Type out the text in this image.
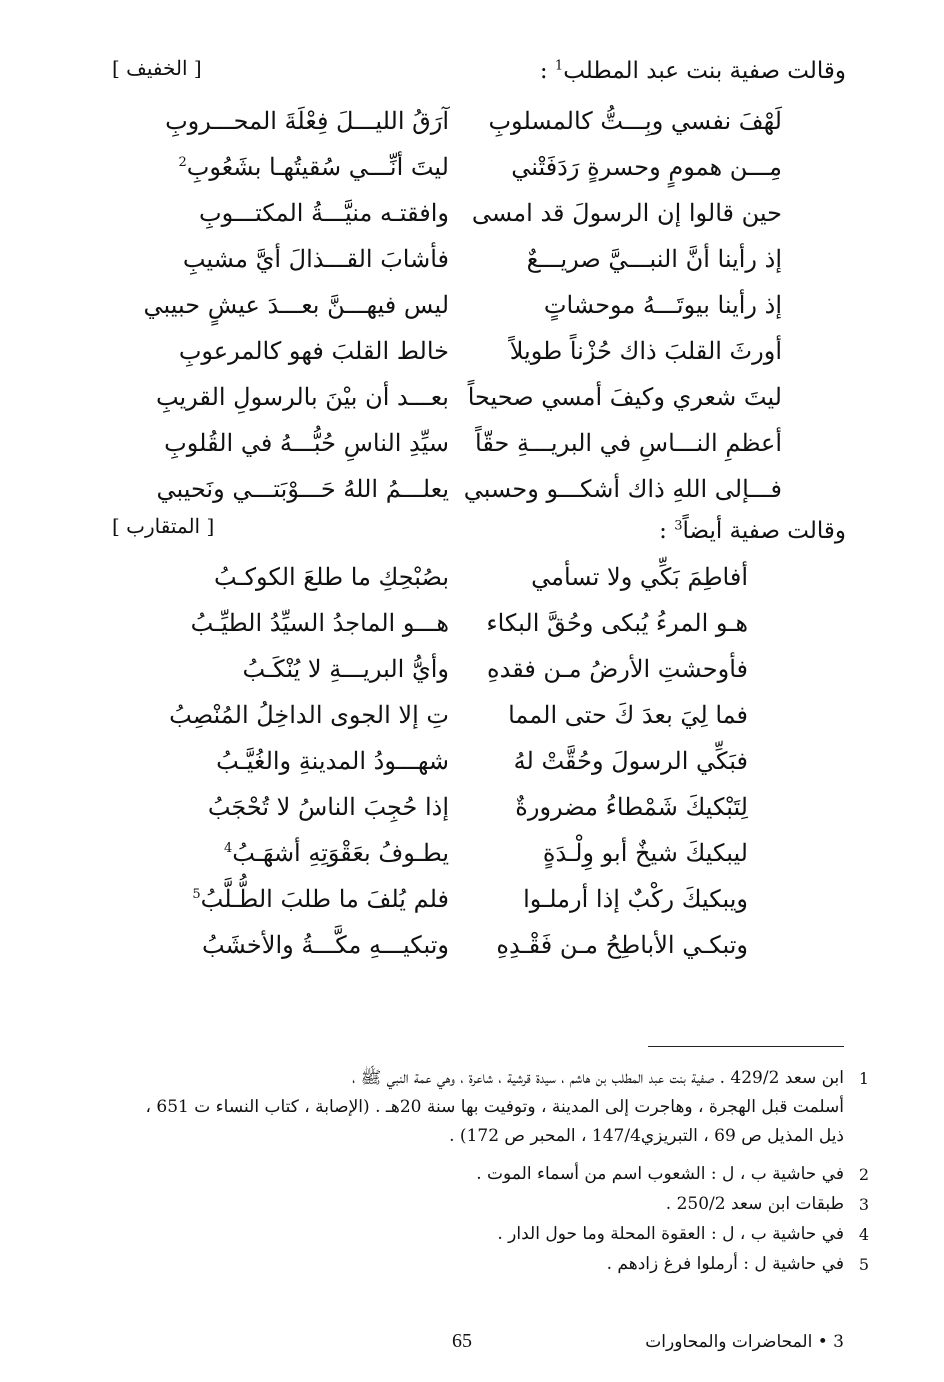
وقالت صفية بنت عبد المطلب$^1$ :
[ الخفيف ]
لَهْفَ نفسي وبِـــتُّ كالمسلوبِ
آرَقُ الليـــلَ فِعْلَةَ المحـــروبِ
مِـــن همومٍ وحسرةٍ رَدَفَتْني
ليتَ أنِّـــي سُقيتُهـا بشَعُوبِ$^2$
حين قالوا إن الرسولَ قد امسى
وافقتـه منيَّـــةُ المكتـــوبِ
إذ رأينا أنَّ النبـــيَّ صريـــعٌ
فأشابَ القـــذالَ أيَّ مشيبِ
إذ رأينا بيوتَـــهُ موحشاتٍ
ليس فيهـــنَّ بعـــدَ عيشٍ حبيبي
أورثَ القلبَ ذاك حُزْناً طويلاً
خالط القلبَ فهو كالمرعوبِ
ليتَ شعري وكيفَ أمسي صحيحاً
بعـــد أن بيْنَ بالرسولِ القريبِ
أعظمِ النـــاسِ في البريـــةِ حقّاً
سيِّدِ الناسِ حُبُّـــهُ في القُلوبِ
فـــإلى اللهِ ذاك أشكـــو وحسبي
يعلـــمُ اللهُ حَـــوْبَتـــي ونَحيبي
وقالت صفية أيضاً$^3$ :
[ المتقارب ]
أفاطِمَ بَكِّي ولا تسأمي
بصُبْحِكِ ما طلعَ الكوكـبُ
هـو المرءُ يُبكى وحُقَّ البكاء
هـــو الماجدُ السيِّدُ الطيِّـبُ
فأوحشتِ الأرضُ مـن فقدهِ
وأيُّ البريـــةِ لا يُنْكَـبُ
فما لِيَ بعدَ كَ حتى المما
تِ إلا الجوى الداخِلُ المُنْصِبُ
فبَكِّي الرسولَ وحُقَّتْ لهُ
شهـــودُ المدينةِ والغُيَّـبُ
لِتَبْكيكَ شَمْطاءُ مضرورةٌ
إذا حُجِبَ الناسُ لا تُحْجَبُ
ليبكيكَ شيخٌ أبو وِلْـدَةٍ
يطـوفُ بعَقْوَتِهِ أشهَـبُ$^4$
ويبكيكَ ركْبٌ إذا أرملـوا
فلم يُلفَ ما طلبَ الطُّـلَّبُ$^5$
وتبكـي الأباطِحُ مـن فَقْـدِهِ
وتبكيـــهِ مكَّـــةُ والأخشَبُ
1
ابن سعد 429/2 . صفية بنت عبد المطلب بن هاشم ، سيدة قرشية ، شاعرة ، وهي عمة النبي ﷺ ،
أسلمت قبل الهجرة ، وهاجرت إلى المدينة ، وتوفيت بها سنة 20هـ . (الإصابة ، كتاب النساء ت 651 ،
ذيل المذيل ص 69 ، التبريزي147/4 ، المحبر ص 172) .
2
في حاشية ب ، ل : الشعوب اسم من أسماء الموت .
3
طبقات ابن سعد 250/2 .
4
في حاشية ب ، ل : العقوة المحلة وما حول الدار .
5
في حاشية ل : أرملوا فرغ زادهم .
65	3 • المحاضرات والمحاورات
